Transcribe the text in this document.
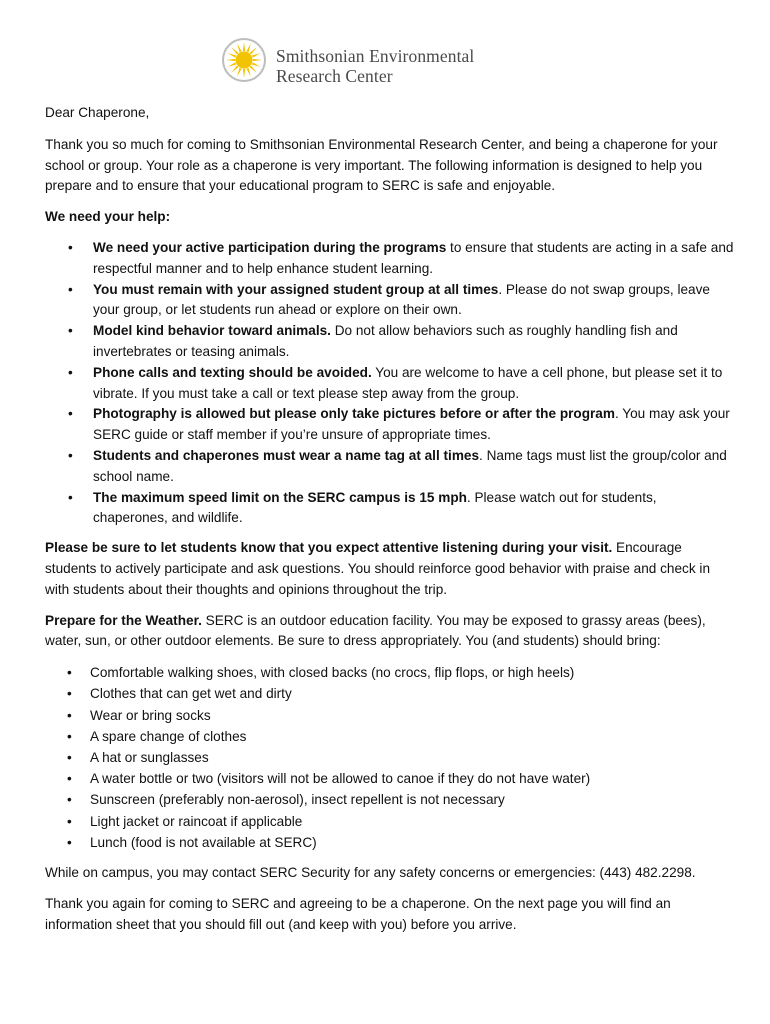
Smithsonian Environmental
Research Center

Dear Chaperone,

Thank you so much for coming to Smithsonian Environmental Research Center, and being a chaperone for your school or group. Your role as a chaperone is very important. The following information is designed to help you prepare and to ensure that your educational program to SERC is safe and enjoyable.

We need your help:

• We need your active participation during the programs to ensure that students are acting in a safe and respectful manner and to help enhance student learning.
• You must remain with your assigned student group at all times. Please do not swap groups, leave your group, or let students run ahead or explore on their own.
• Model kind behavior toward animals. Do not allow behaviors such as roughly handling fish and invertebrates or teasing animals.
• Phone calls and texting should be avoided. You are welcome to have a cell phone, but please set it to vibrate. If you must take a call or text please step away from the group.
• Photography is allowed but please only take pictures before or after the program. You may ask your SERC guide or staff member if you’re unsure of appropriate times.
• Students and chaperones must wear a name tag at all times. Name tags must list the group/color and school name.
• The maximum speed limit on the SERC campus is 15 mph. Please watch out for students, chaperones, and wildlife.

Please be sure to let students know that you expect attentive listening during your visit. Encourage students to actively participate and ask questions. You should reinforce good behavior with praise and check in with students about their thoughts and opinions throughout the trip.

Prepare for the Weather. SERC is an outdoor education facility. You may be exposed to grassy areas (bees), water, sun, or other outdoor elements. Be sure to dress appropriately. You (and students) should bring:

• Comfortable walking shoes, with closed backs (no crocs, flip flops, or high heels)
• Clothes that can get wet and dirty
• Wear or bring socks
• A spare change of clothes
• A hat or sunglasses
• A water bottle or two (visitors will not be allowed to canoe if they do not have water)
• Sunscreen (preferably non-aerosol), insect repellent is not necessary
• Light jacket or raincoat if applicable
• Lunch (food is not available at SERC)

While on campus, you may contact SERC Security for any safety concerns or emergencies: (443) 482.2298.

Thank you again for coming to SERC and agreeing to be a chaperone. On the next page you will find an information sheet that you should fill out (and keep with you) before you arrive.
